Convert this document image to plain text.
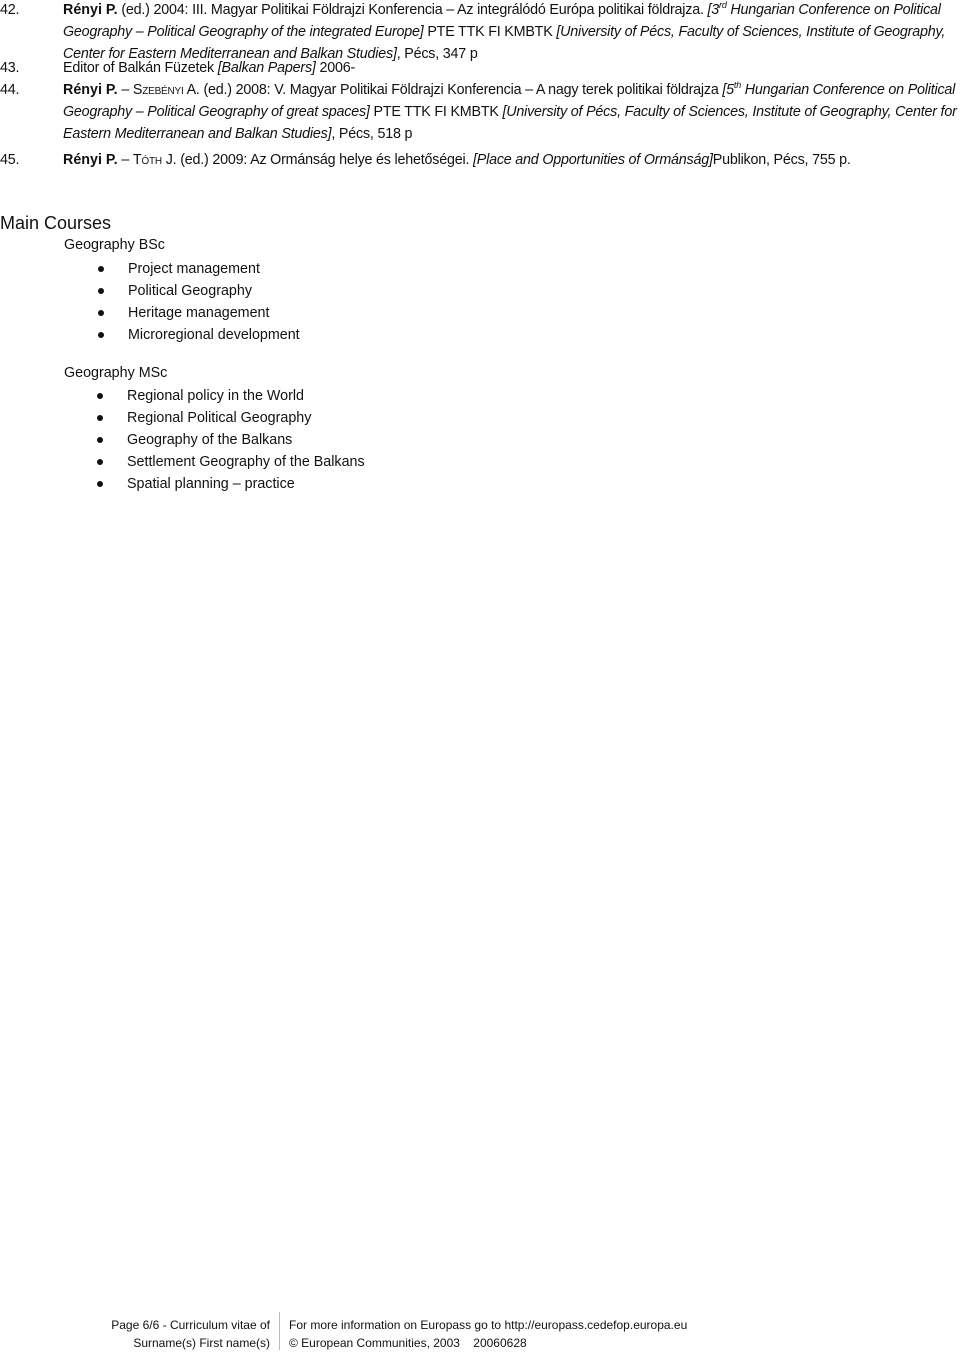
42.	Rényi P. (ed.) 2004: III. Magyar Politikai Földrajzi Konferencia – Az integrálódó Európa politikai földrajza. [3rd Hungarian Conference on Political Geography – Political Geography of the integrated Europe] PTE TTK FI KMBTK [University of Pécs, Faculty of Sciences, Institute of Geography, Center for Eastern Mediterranean and Balkan Studies], Pécs, 347 p
43.	Editor of Balkán Füzetek [Balkan Papers] 2006-
44.	Rényi P. – Szebényi A. (ed.) 2008: V. Magyar Politikai Földrajzi Konferencia – A nagy terek politikai földrajza [5th Hungarian Conference on Political Geography – Political Geography of great spaces] PTE TTK FI KMBTK [University of Pécs, Faculty of Sciences, Institute of Geography, Center for Eastern Mediterranean and Balkan Studies], Pécs, 518 p
45.	Rényi P. – Tóth J. (ed.) 2009: Az Ormánság helye és lehetőségei. [Place and Opportunities of Ormánság]Publikon, Pécs, 755 p.
Main Courses
Geography BSc
Project management
Political Geography
Heritage management
Microregional development
Geography MSc
Regional policy in the World
Regional Political Geography
Geography of the Balkans
Settlement Geography of the Balkans
Spatial planning – practice
Page 6/6 - Curriculum vitae of
Surname(s) First name(s)
For more information on Europass go to http://europass.cedefop.europa.eu
© European Communities, 2003    20060628
